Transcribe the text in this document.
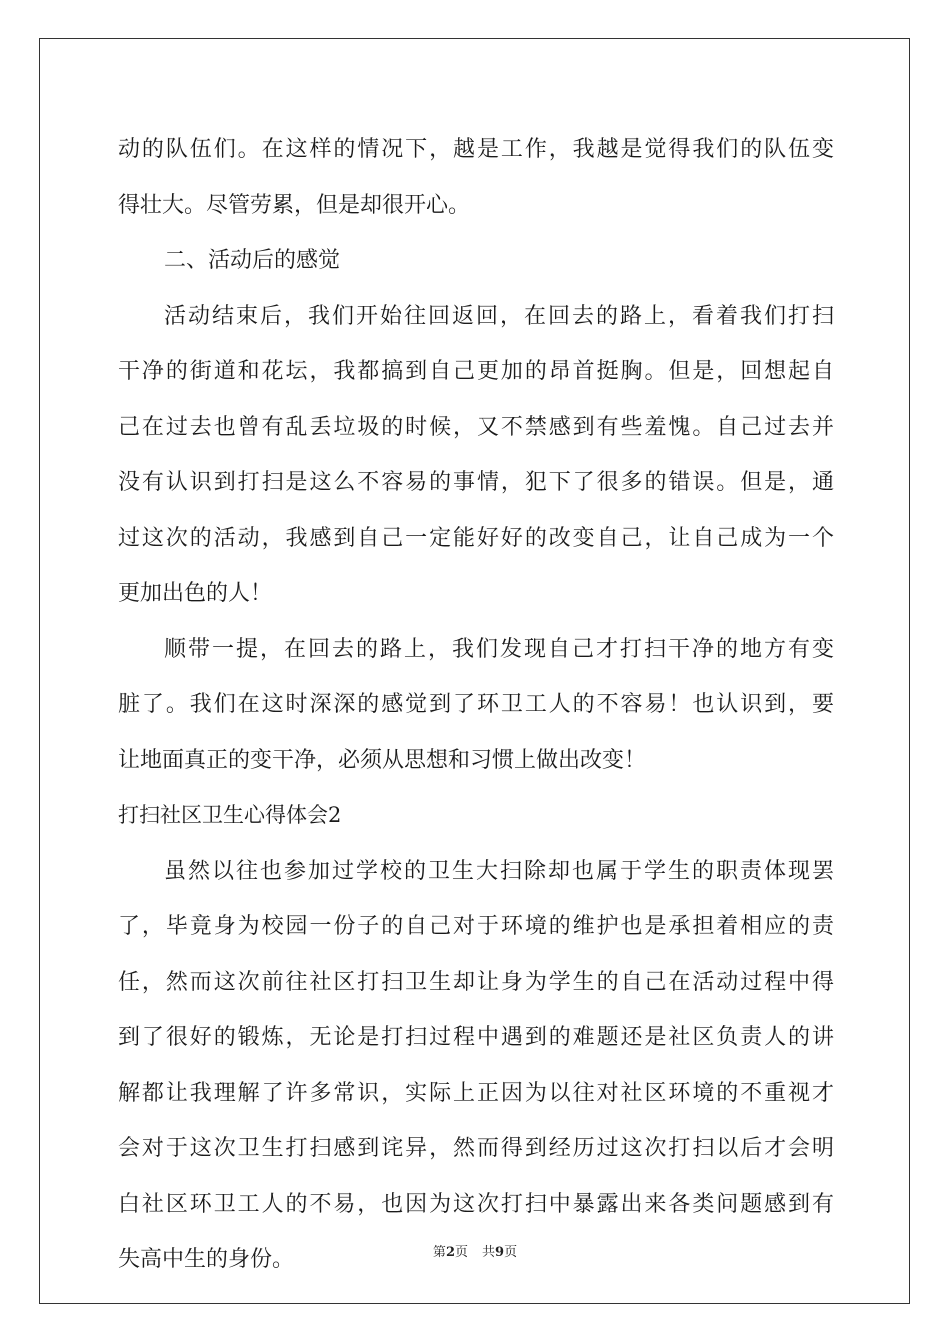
动的队伍们。在这样的情况下，越是工作，我越是觉得我们的队伍变
得壮大。尽管劳累，但是却很开心。
二、活动后的感觉
活动结束后，我们开始往回返回，在回去的路上，看着我们打扫
干净的街道和花坛，我都搞到自己更加的昂首挺胸。但是，回想起自
己在过去也曾有乱丢垃圾的时候，又不禁感到有些羞愧。自己过去并
没有认识到打扫是这么不容易的事情，犯下了很多的错误。但是，通
过这次的活动，我感到自己一定能好好的改变自己，让自己成为一个
更加出色的人！
顺带一提，在回去的路上，我们发现自己才打扫干净的地方有变
脏了。我们在这时深深的感觉到了环卫工人的不容易！也认识到，要
让地面真正的变干净，必须从思想和习惯上做出改变！
打扫社区卫生心得体会2
虽然以往也参加过学校的卫生大扫除却也属于学生的职责体现罢
了，毕竟身为校园一份子的自己对于环境的维护也是承担着相应的责
任，然而这次前往社区打扫卫生却让身为学生的自己在活动过程中得
到了很好的锻炼，无论是打扫过程中遇到的难题还是社区负责人的讲
解都让我理解了许多常识，实际上正因为以往对社区环境的不重视才
会对于这次卫生打扫感到诧异，然而得到经历过这次打扫以后才会明
白社区环卫工人的不易，也因为这次打扫中暴露出来各类问题感到有
失高中生的身份。	第2页 共9页
